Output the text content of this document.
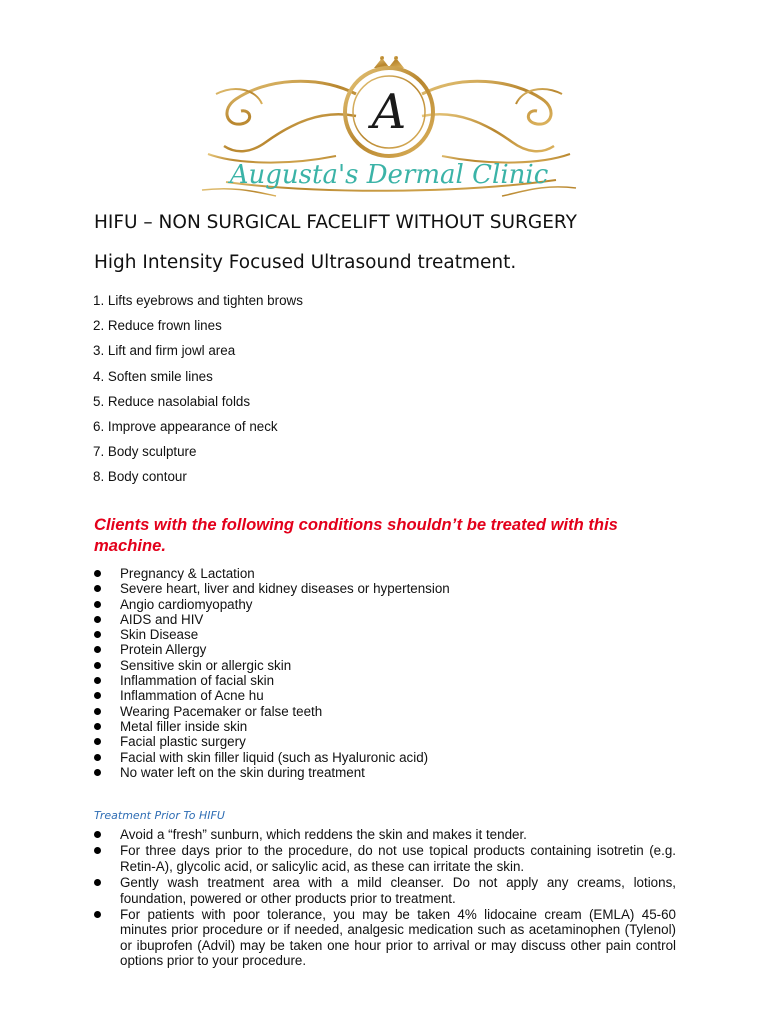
A
Augusta's Dermal Clinic
HIFU – NON SURGICAL FACELIFT WITHOUT SURGERY
High Intensity Focused Ultrasound treatment.
1. Lifts eyebrows and tighten brows
2. Reduce frown lines
3. Lift and firm jowl area
4. Soften smile lines
5. Reduce nasolabial folds
6. Improve appearance of neck
7. Body sculpture
8. Body contour
Clients with the following conditions shouldn’t be treated with this machine.
Pregnancy & Lactation
Severe heart, liver and kidney diseases or hypertension
Angio cardiomyopathy
AIDS and HIV
Skin Disease
Protein Allergy
Sensitive skin or allergic skin
Inflammation of facial skin
Inflammation of Acne hu
Wearing Pacemaker or false teeth
Metal filler inside skin
Facial plastic surgery
Facial with skin filler liquid (such as Hyaluronic acid)
No water left on the skin during treatment
Treatment Prior To HIFU
Avoid a “fresh” sunburn, which reddens the skin and makes it tender.
For three days prior to the procedure, do not use topical products containing isotretin (e.g. Retin-A), glycolic acid, or salicylic acid, as these can irritate the skin.
Gently wash treatment area with a mild cleanser. Do not apply any creams, lotions, foundation, powered or other products prior to treatment.
For patients with poor tolerance, you may be taken 4% lidocaine cream (EMLA) 45-60 minutes prior procedure or if needed, analgesic medication such as acetaminophen (Tylenol) or ibuprofen (Advil) may be taken one hour prior to arrival or may discuss other pain control options prior to your procedure.
